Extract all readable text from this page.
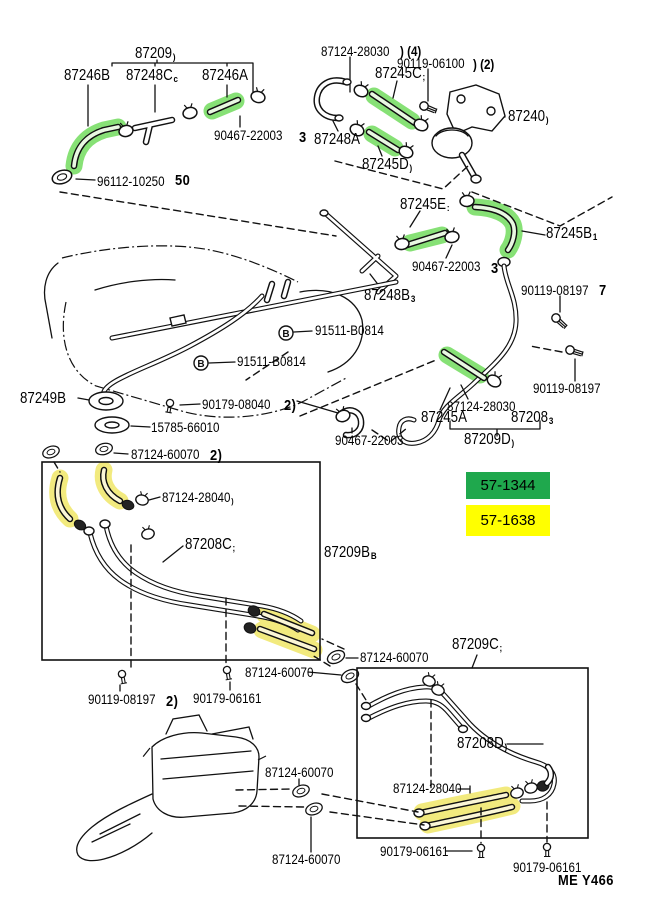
B
B
57-1344
57-1638
87209)
87246B 87248Cc 87246A	87245C;
87240)
87248A
87245D)
87245E:
87245B1
87248B3
87249B
87245A	872083
87209D)
87208C;	87209BB
87209C;
87208D)
90467-22003
96112-10250
87124-28030
90119-06100
90467-22003
90119-08197
91511-B0814
91511-B0814
90179-08040
15785-66010
90467-22003
90119-08197
87124-28030
87124-60070
87124-28040)
87124-60070
87124-60070
90119-08197	90179-06161
87124-28040
87124-60070
87124-60070
90179-06161
90179-06161
) (4)
) (2)
50
3
3
7
2)
2)
2)
ME Y466
